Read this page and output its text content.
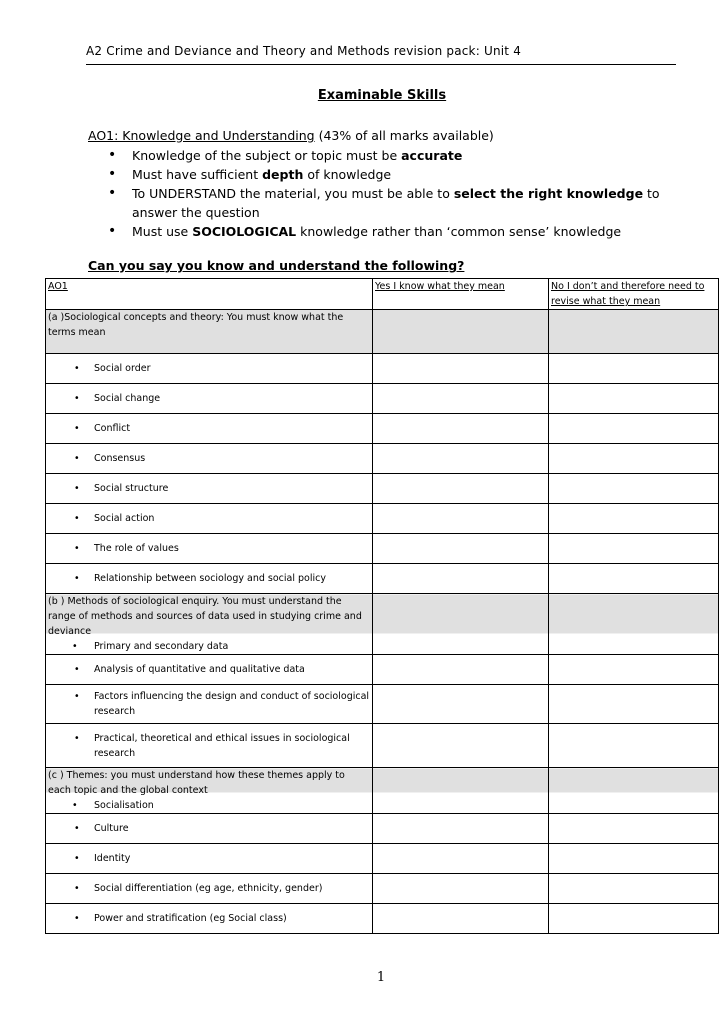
A2 Crime and Deviance and Theory and Methods revision pack: Unit 4
Examinable Skills
AO1: Knowledge and Understanding (43% of all marks available)
• Knowledge of the subject or topic must be accurate
• Must have sufficient depth of knowledge
• To UNDERSTAND the material, you must be able to select the right knowledge to answer the question
• Must use SOCIOLOGICAL knowledge rather than ‘common sense’ knowledge
Can you say you know and understand the following?
AO1	Yes I know what they mean	No I don’t and therefore need to revise what they mean

(a )Sociological concepts and theory: You must know what the terms mean		

• Social order		

• Social change		

• Conflict		

• Consensus		

• Social structure		

• Social action		

• The role of values		

• Relationship between sociology and social policy		

(b ) Methods of sociological enquiry. You must understand the range of methods and sources of data used in studying crime and deviance
• Primary and secondary data		

• Analysis of quantitative and qualitative data		

• Factors influencing the design and conduct of sociological research		

• Practical, theoretical and ethical issues in sociological research		

(c ) Themes: you must understand how these themes apply to each topic and the global context
• Socialisation		

• Culture		

• Identity		

• Social differentiation (eg age, ethnicity, gender)		

• Power and stratification (eg Social class)		

1
